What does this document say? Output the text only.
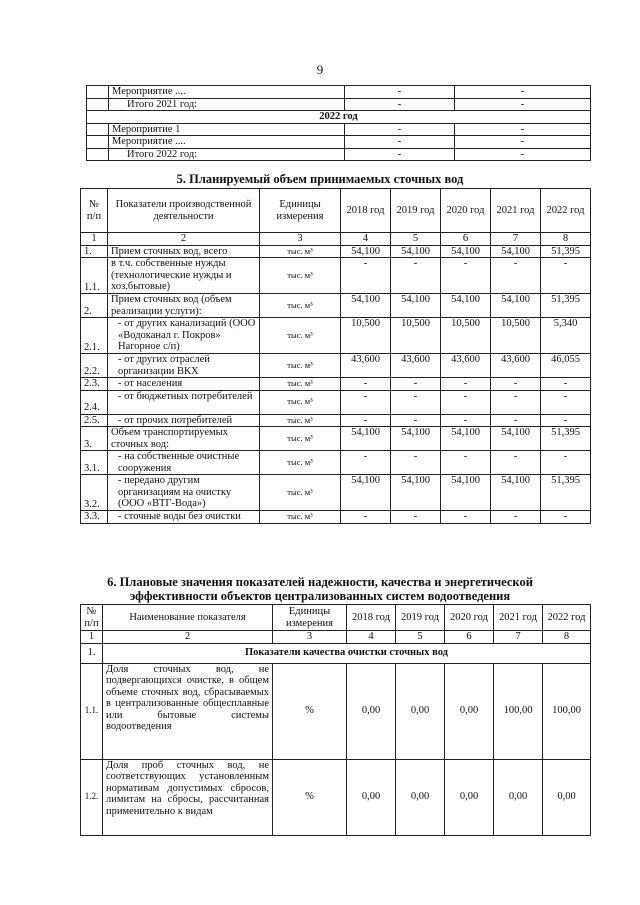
9
	Мероприятие ....	-	-
	Итого 2021 год:	-	-
2022 год			
	Мероприятие 1	-	-
	Мероприятие ....	-	-
	Итого 2022 год:	-	-
5. Планируемый объем принимаемых сточных вод
№ п/п	Показатели производственной деятельности	Единицы измерения	2018 год	2019 год	2020 год	2021 год	2022 год
1	2	3	4	5	6	7	8
1.	Прием сточных вод, всего	тыс. м³	54,100	54,100	54,100	54,100	51,395
1.1.	в т.ч. собственные нужды (технологические нужды и хоз.бытовые)	тыс. м³	-	-	-	-	-
2.	Прием сточных вод (объем реализации услуги):	тыс. м³	54,100	54,100	54,100	54,100	51,395
2.1.	- от других канализаций (ООО «Водоканал г. Покров» Нагорное с/п)	тыс. м³	10,500	10,500	10,500	10,500	5,340
2.2.	- от других отраслей организации ВКХ	тыс. м³	43,600	43,600	43,600	43,600	46,055
2.3.	- от населения	тыс. м³	-	-	-	-	-
2.4.	- от бюджетных потребителей	тыс. м³	-	-	-	-	-
2.5.	- от прочих потребителей	тыс. м³	-	-	-	-	-
3.	Объем транспортируемых сточных вод:	тыс. м³	54,100	54,100	54,100	54,100	51,395
3.1.	- на собственные очистные сооружения	тыс. м³	-	-	-	-	-
3.2.	- передано другим организациям на очистку (ООО «ВТГ-Вода»)	тыс. м³	54,100	54,100	54,100	54,100	51,395
3.3.	- сточные воды без очистки	тыс. м³	-	-	-	-	-
6. Плановые значения показателей надежности, качества и энергетической
эффективности объектов централизованных систем водоотведения
№ п/п	Наименование показателя	Единицы измерения	2018 год	2019 год	2020 год	2021 год	2022 год
1	2	3	4	5	6	7	8
1.	Показатели качества очистки сточных вод						
1.1.	Доля сточных вод, не подвергающихся очистке, в общем объеме сточных вод, сбрасываемых в централизованные общесплавные или бытовые системы водоотведения	%	0,00	0,00	0,00	100,00	100,00
1.2.	Доля проб сточных вод, не соответствующих установленным нормативам допустимых сбросов, лимитам на сбросы, рассчитанная применительно к видам	%	0,00	0,00	0,00	0,00	0,00
